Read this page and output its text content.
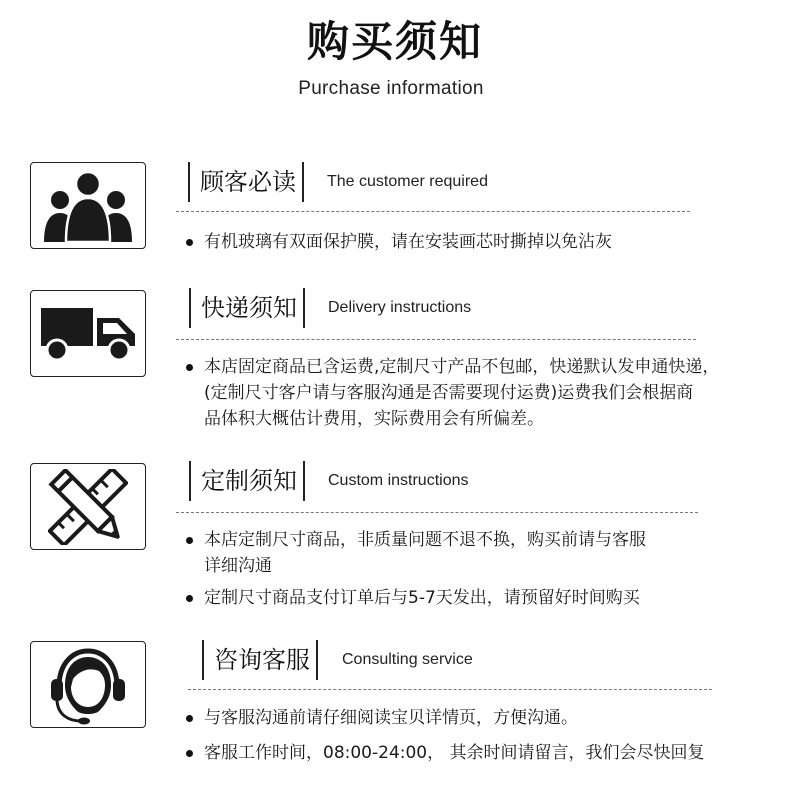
购买须知
Purchase information
顾客必读 The customer required
有机玻璃有双面保护膜，请在安装画芯时撕掉以免沾灰
快递须知 Delivery instructions
本店固定商品已含运费,定制尺寸产品不包邮，快递默认发申通快递，
(定制尺寸客户请与客服沟通是否需要现付运费)运费我们会根据商
品体积大概估计费用，实际费用会有所偏差。
定制须知 Custom instructions
本店定制尺寸商品，非质量问题不退不换，购买前请与客服
详细沟通
定制尺寸商品支付订单后与5-7天发出，请预留好时间购买
咨询客服 Consulting service
与客服沟通前请仔细阅读宝贝详情页，方便沟通。
客服工作时间，08:00-24:00， 其余时间请留言，我们会尽快回复
